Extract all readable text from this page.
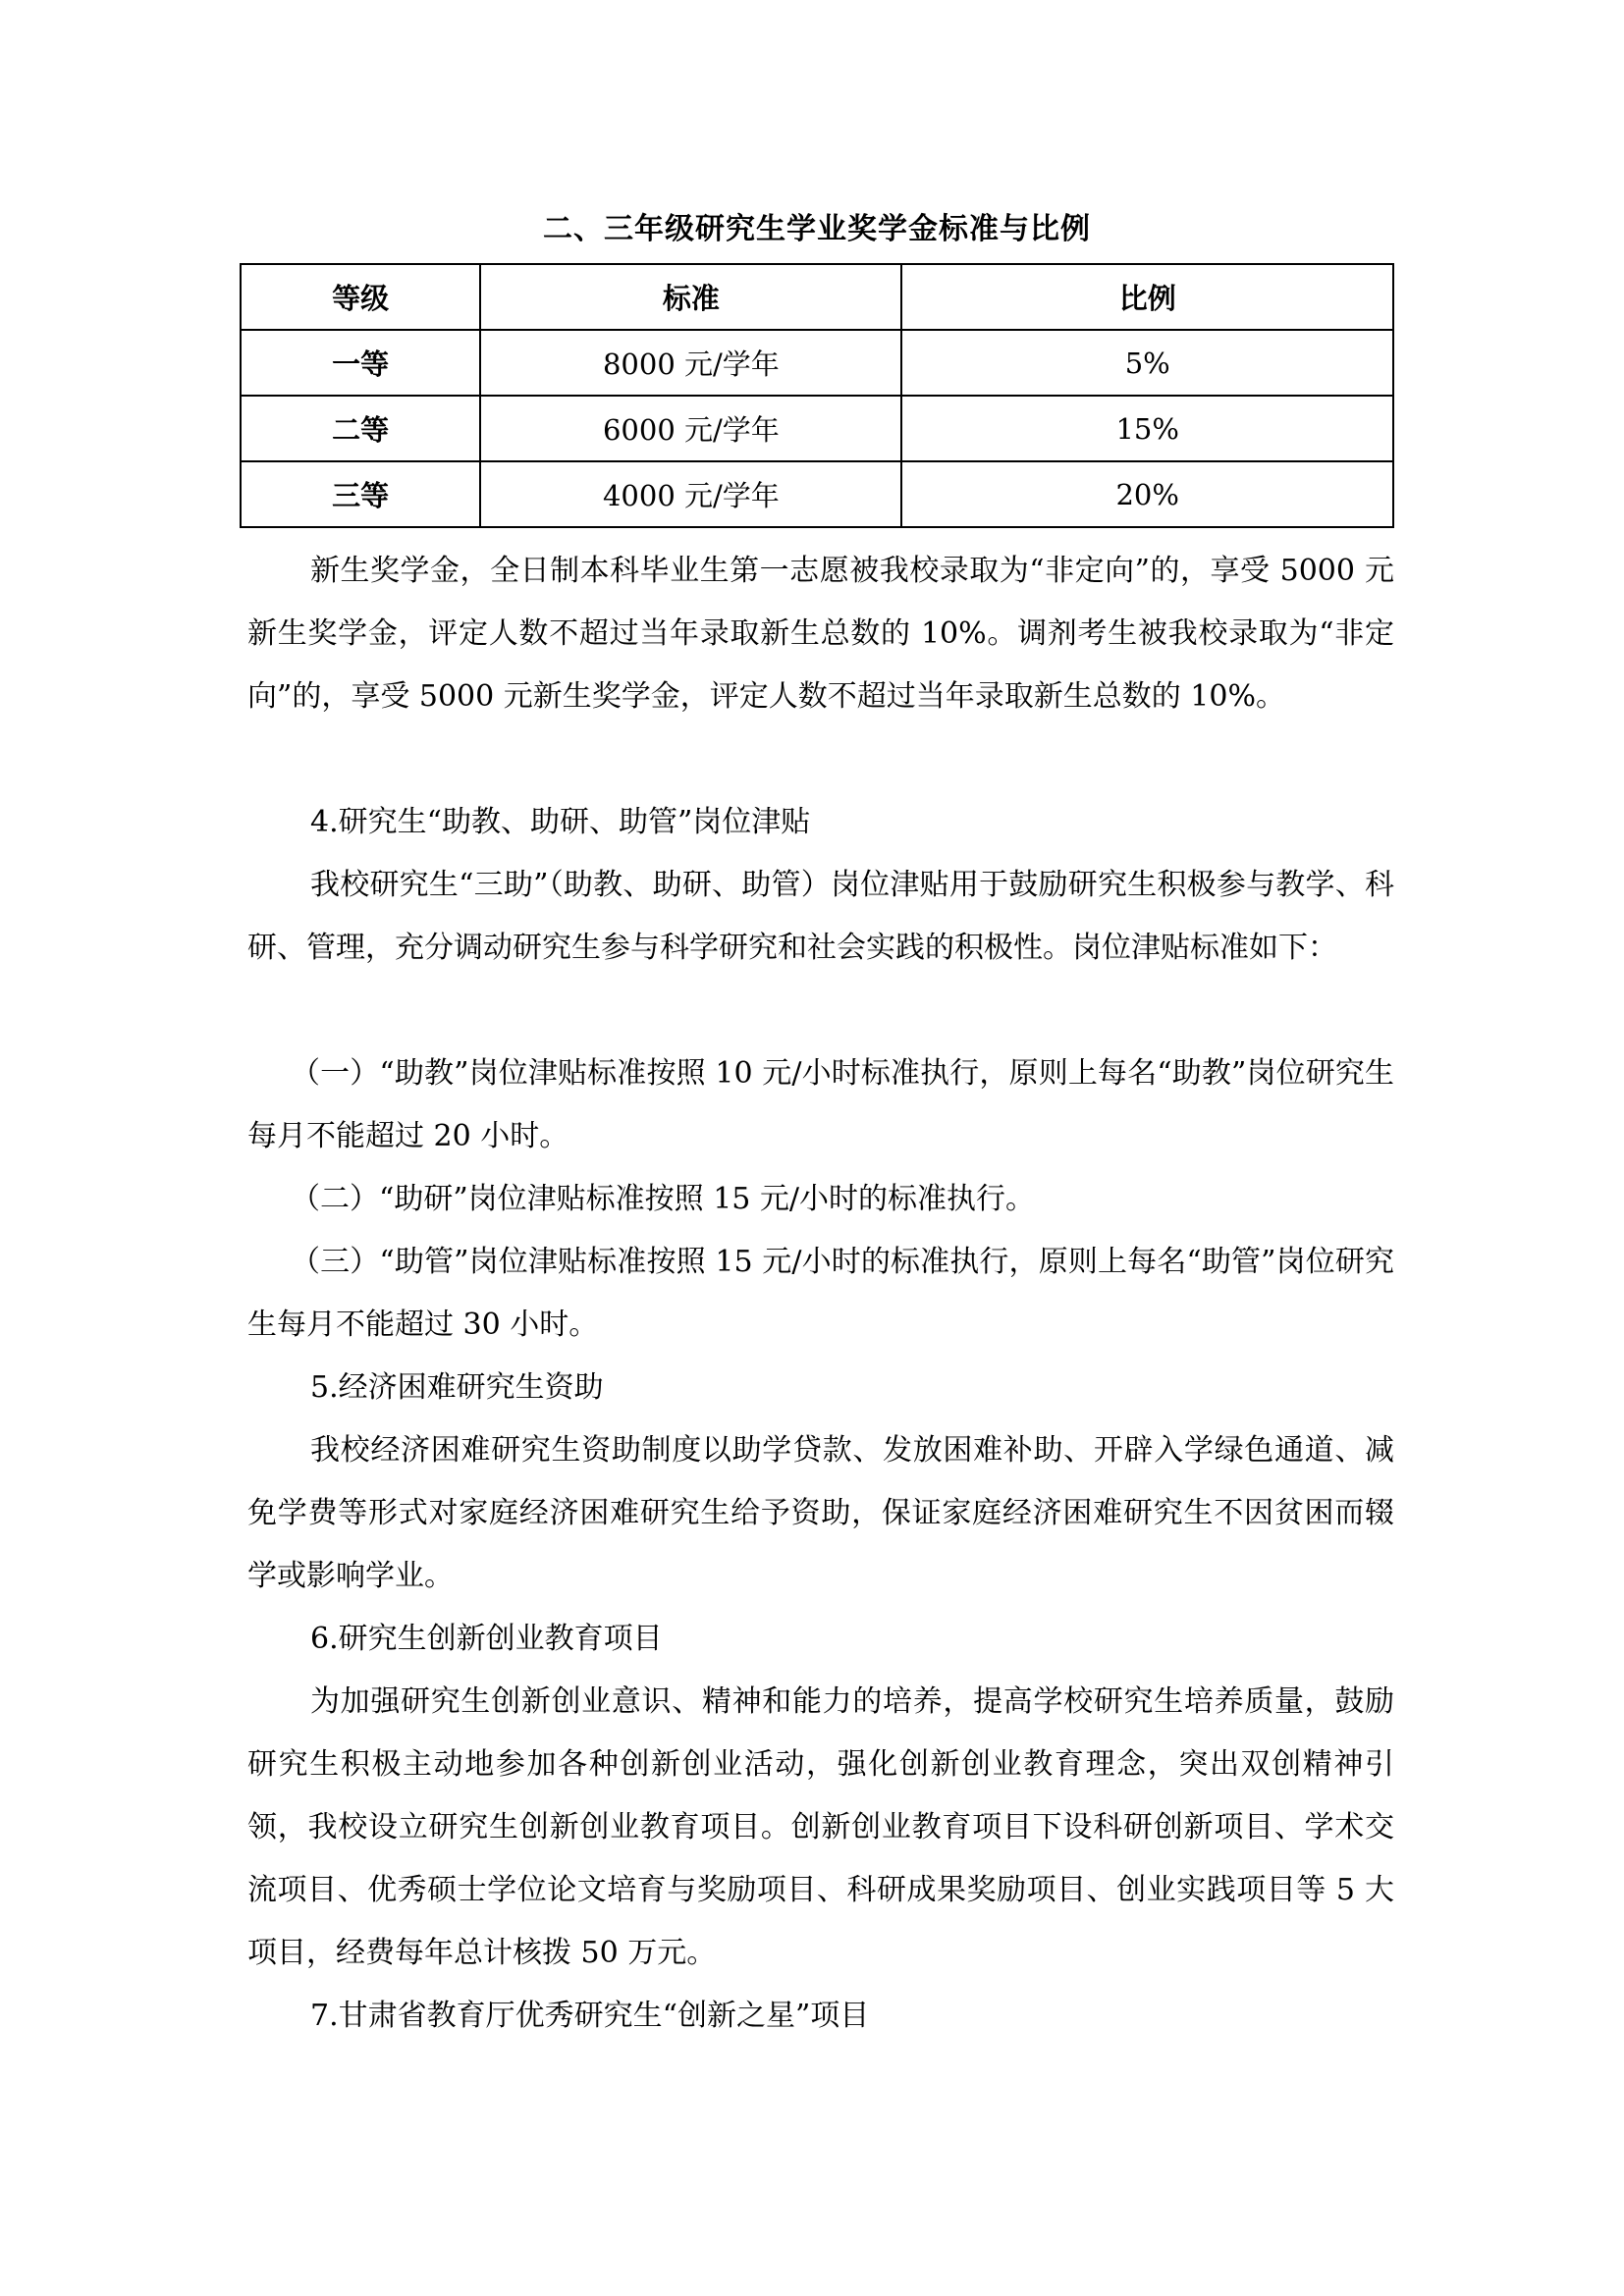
二、三年级研究生学业奖学金标准与比例
等级	标准	比例
一等	8000 元/学年	5%
二等	6000 元/学年	15%
三等	4000 元/学年	20%

新生奖学金，全日制本科毕业生第一志愿被我校录取为“非定向”的，享受 5000 元新生奖学金，评定人数不超过当年录取新生总数的 10%。调剂考生被我校录取为“非定向”的，享受 5000 元新生奖学金，评定人数不超过当年录取新生总数的 10%。

4.研究生“助教、助研、助管”岗位津贴

我校研究生“三助”（助教、助研、助管）岗位津贴用于鼓励研究生积极参与教学、科研、管理，充分调动研究生参与科学研究和社会实践的积极性。岗位津贴标准如下：

（一）“助教”岗位津贴标准按照 10 元/小时标准执行，原则上每名“助教”岗位研究生每月不能超过 20 小时。

（二）“助研”岗位津贴标准按照 15 元/小时的标准执行。

（三）“助管”岗位津贴标准按照 15 元/小时的标准执行，原则上每名“助管”岗位研究生每月不能超过 30 小时。

5.经济困难研究生资助

我校经济困难研究生资助制度以助学贷款、发放困难补助、开辟入学绿色通道、减免学费等形式对家庭经济困难研究生给予资助，保证家庭经济困难研究生不因贫困而辍学或影响学业。

6.研究生创新创业教育项目

为加强研究生创新创业意识、精神和能力的培养，提高学校研究生培养质量，鼓励研究生积极主动地参加各种创新创业活动，强化创新创业教育理念，突出双创精神引领，我校设立研究生创新创业教育项目。创新创业教育项目下设科研创新项目、学术交流项目、优秀硕士学位论文培育与奖励项目、科研成果奖励项目、创业实践项目等 5 大项目，经费每年总计核拨 50 万元。

7.甘肃省教育厅优秀研究生“创新之星”项目
